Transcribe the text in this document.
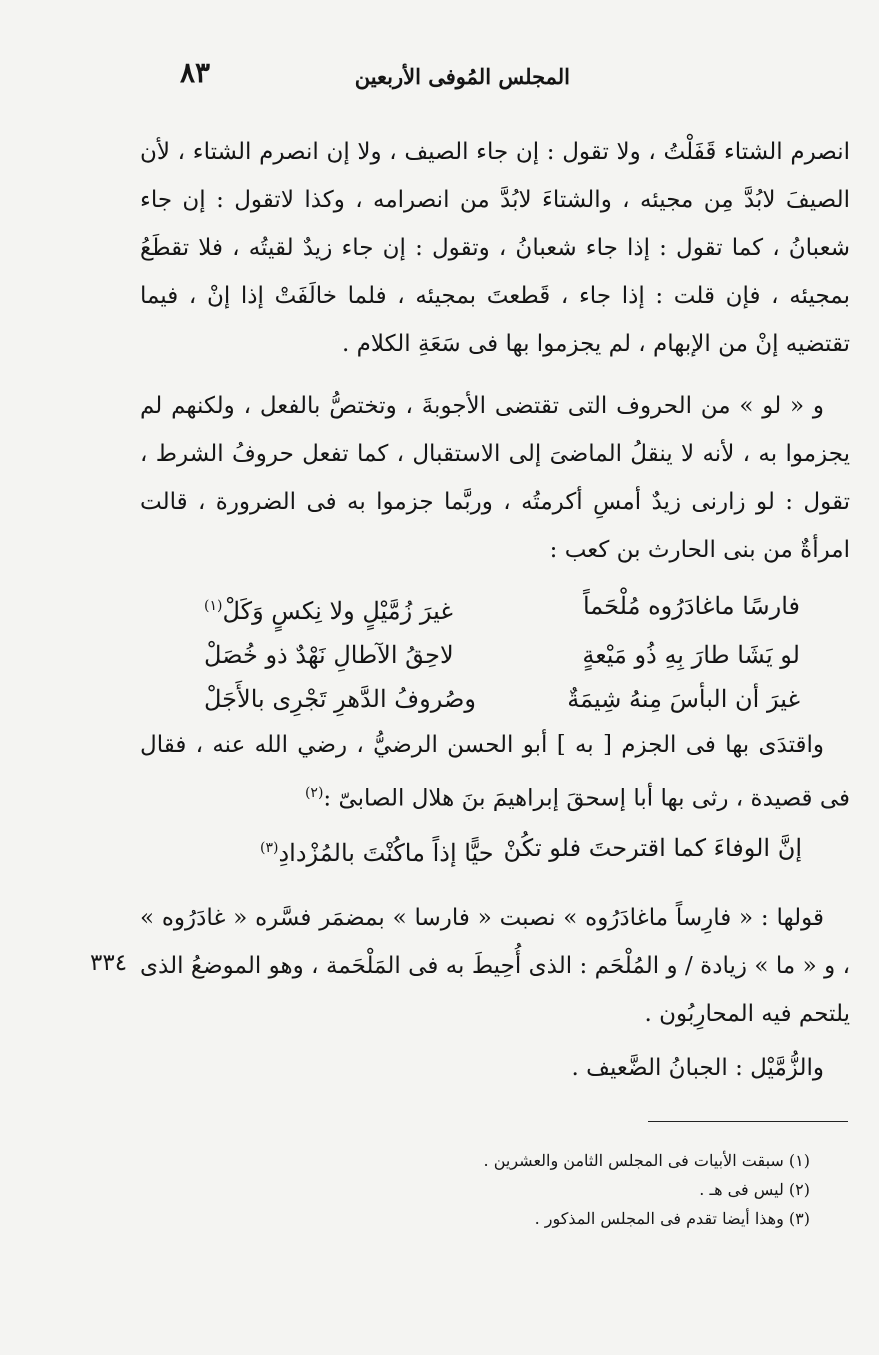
المجلس المُوفى الأربعين
٨٣

انصرم الشتاء قَفَلْتُ ، ولا تقول : إن جاء الصيف ، ولا إن انصرم الشتاء ، لأن الصيفَ لابُدَّ مِن مجيئه ، والشتاءَ لابُدَّ من انصرامه ، وكذا لاتقول : إن جاء شعبانُ ، كما تقول : إذا جاء شعبانُ ، وتقول : إن جاء زيدٌ لقيتُه ، فلا تقطَعُ بمجيئه ، فإن قلت : إذا جاء ، قَطعتَ بمجيئه ، فلما خالَفَتْ إذا إنْ ، فيما تقتضيه إنْ من الإبهام ، لم يجزموا بها فى سَعَةِ الكلام .

و « لو » من الحروف التى تقتضى الأجوبةَ ، وتختصُّ بالفعل ، ولكنهم لم يجزموا به ، لأنه لا ينقلُ الماضىَ إلى الاستقبال ، كما تفعل حروفُ الشرط ، تقول : لو زارنى زيدٌ أمسِ أكرمتُه ، وربَّما جزموا به فى الضرورة ، قالت امرأةٌ من بنى الحارث بن كعب :

فارسًا ماغادَرُوه مُلْحَماً
غيرَ زُمَّيْلٍ ولا نِكسٍ وَكَلْ$^{(١)}$
لو يَشَا طارَ بِهِ ذُو مَيْعةٍ
لاحِقُ الآطالِ نَهْدٌ ذو خُصَلْ
غيرَ أن البأسَ مِنهُ شِيمَةٌ
وصُروفُ الدَّهرِ تَجْرِى بالأَجَلْ

واقتدَى بها فى الجزم [ به ] أبو الحسن الرضيُّ ، رضي الله عنه ، فقال فى قصيدة ، رثى بها أبا إسحقَ إبراهيمَ بنَ هلال الصابىّ :$^{(٢)}$

إنَّ الوفاءَ كما اقترحتَ فلو تكُنْ
حيًّا إذاً ماكُنْتَ بالمُزْدادِ$^{(٣)}$

قولها : « فارِساً ماغادَرُوه » نصبت « فارسا » بمضمَر فسَّره « غادَرُوه » ، و « ما » زيادة / و المُلْحَم : الذى أُحِيطَ به فى المَلْحَمة ، وهو الموضعُ الذى يلتحم فيه المحارِبُون .

والزُّمَّيْل : الجبانُ الضَّعيف .

٣٣٤
(١) سبقت الأبيات فى المجلس الثامن والعشرين .
(٢) ليس فى هـ .
(٣) وهذا أيضا تقدم فى المجلس المذكور .
